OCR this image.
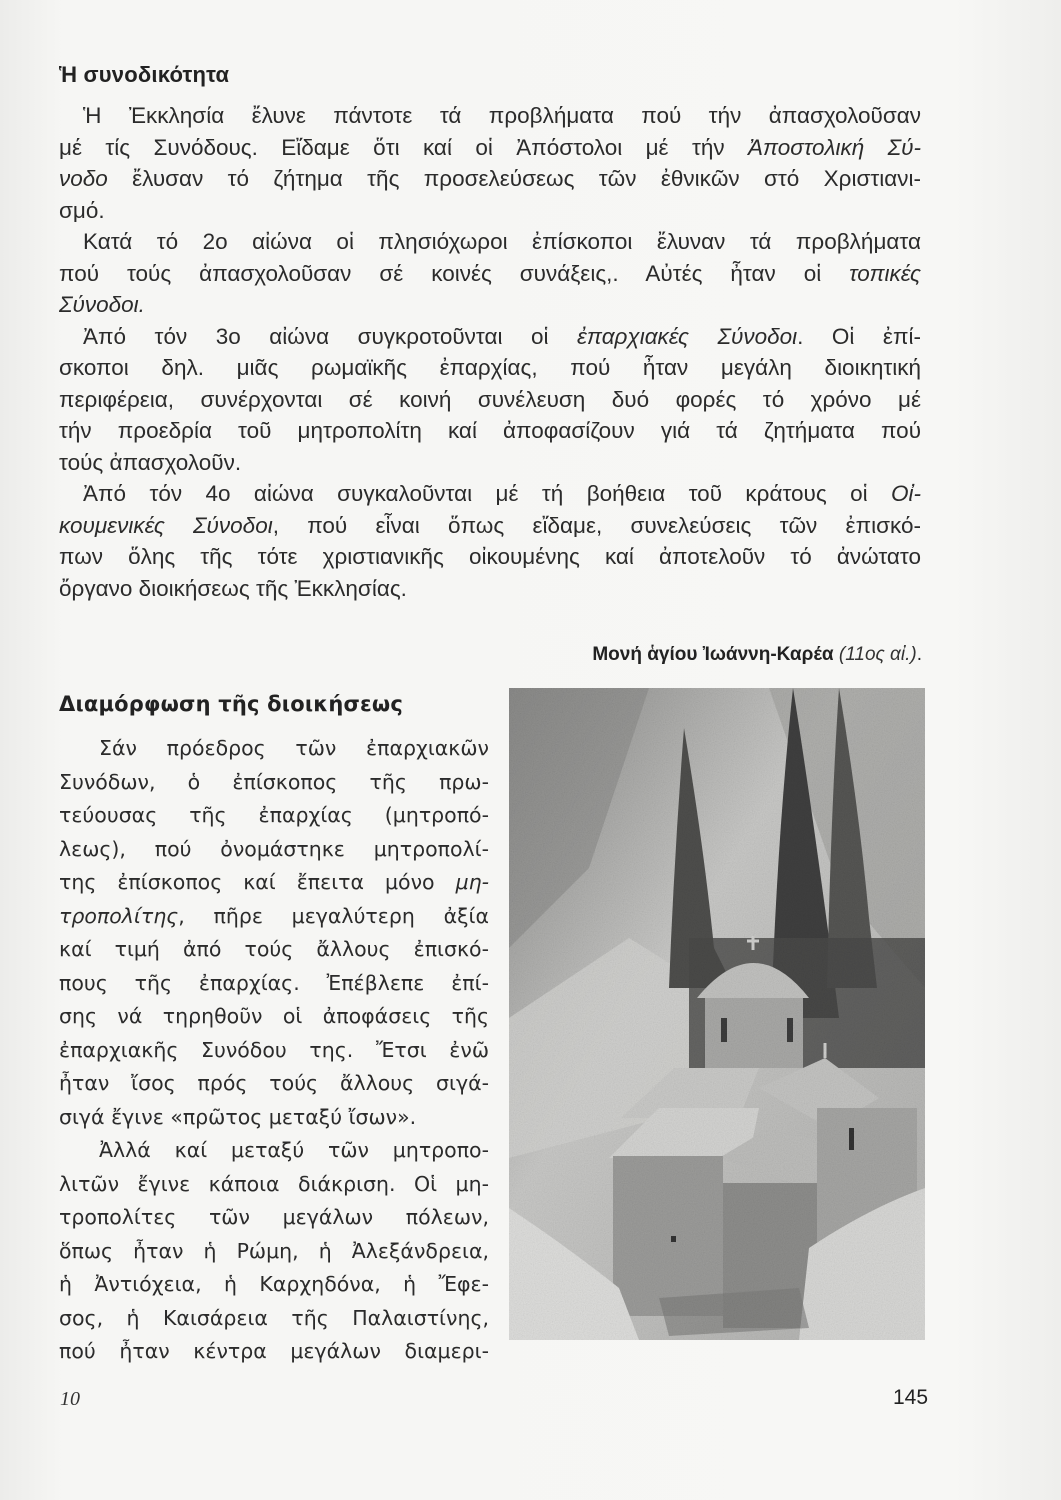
Ἡ συνοδικότητα
Ἡ Ἐκκλησία ἔλυνε πάντοτε τά προβλήματα πού τήν ἀπασχολοῦσαν
μέ τίς Συνόδους. Εἴδαμε ὅτι καί οἱ Ἀπόστολοι μέ τήν Ἀποστολική Σύ-
νοδο ἔλυσαν τό ζήτημα τῆς προσελεύσεως τῶν ἐθνικῶν στό Χριστιανι-
σμό.
Κατά τό 2ο αἰώνα οἱ πλησιόχωροι ἐπίσκοποι ἔλυναν τά προβλήματα
πού τούς ἀπασχολοῦσαν σέ κοινές συνάξεις,. Αὐτές ἦταν οἱ τοπικές
Σύνοδοι.
Ἀπό τόν 3ο αἰώνα συγκροτοῦνται οἱ ἐπαρχιακές Σύνοδοι. Οἱ ἐπί-
σκοποι δηλ. μιᾶς ρωμαϊκῆς ἐπαρχίας, πού ἦταν μεγάλη διοικητική
περιφέρεια, συνέρχονται σέ κοινή συνέλευση δυό φορές τό χρόνο μέ
τήν προεδρία τοῦ μητροπολίτη καί ἀποφασίζουν γιά τά ζητήματα πού
τούς ἀπασχολοῦν.
Ἀπό τόν 4ο αἰώνα συγκαλοῦνται μέ τή βοήθεια τοῦ κράτους οἱ Οἰ-
κουμενικές Σύνοδοι, πού εἶναι ὅπως εἴδαμε, συνελεύσεις τῶν ἐπισκό-
πων ὅλης τῆς τότε χριστιανικῆς οἰκουμένης καί ἀποτελοῦν τό ἀνώτατο
ὄργανο διοικήσεως τῆς Ἐκκλησίας.
Μονή ἁγίου Ἰωάννη-Καρέα (11ος αἰ.).
Διαμόρφωση τῆς διοικήσεως
Σάν πρόεδρος τῶν ἐπαρχιακῶν
Συνόδων, ὁ ἐπίσκοπος τῆς πρω-
τεύουσας τῆς ἐπαρχίας (μητροπό-
λεως), πού ὀνομάστηκε μητροπολί-
της ἐπίσκοπος καί ἔπειτα μόνο μη-
τροπολίτης, πῆρε μεγαλύτερη ἀξία
καί τιμή ἀπό τούς ἄλλους ἐπισκό-
πους τῆς ἐπαρχίας. Ἐπέβλεπε ἐπί-
σης νά τηρηθοῦν οἱ ἀποφάσεις τῆς
ἐπαρχιακῆς Συνόδου της. Ἔτσι ἐνῶ
ἦταν ἴσος πρός τούς ἄλλους σιγά-
σιγά ἔγινε «πρῶτος μεταξύ ἴσων».
Ἀλλά καί μεταξύ τῶν μητροπο-
λιτῶν ἔγινε κάποια διάκριση. Οἱ μη-
τροπολίτες τῶν μεγάλων πόλεων,
ὅπως ἦταν ἡ Ρώμη, ἡ Ἀλεξάνδρεια,
ἡ Ἀντιόχεια, ἡ Καρχηδόνα, ἡ Ἔφε-
σος, ἡ Καισάρεια τῆς Παλαιστίνης,
πού ἦταν κέντρα μεγάλων διαμερι-
10	145
